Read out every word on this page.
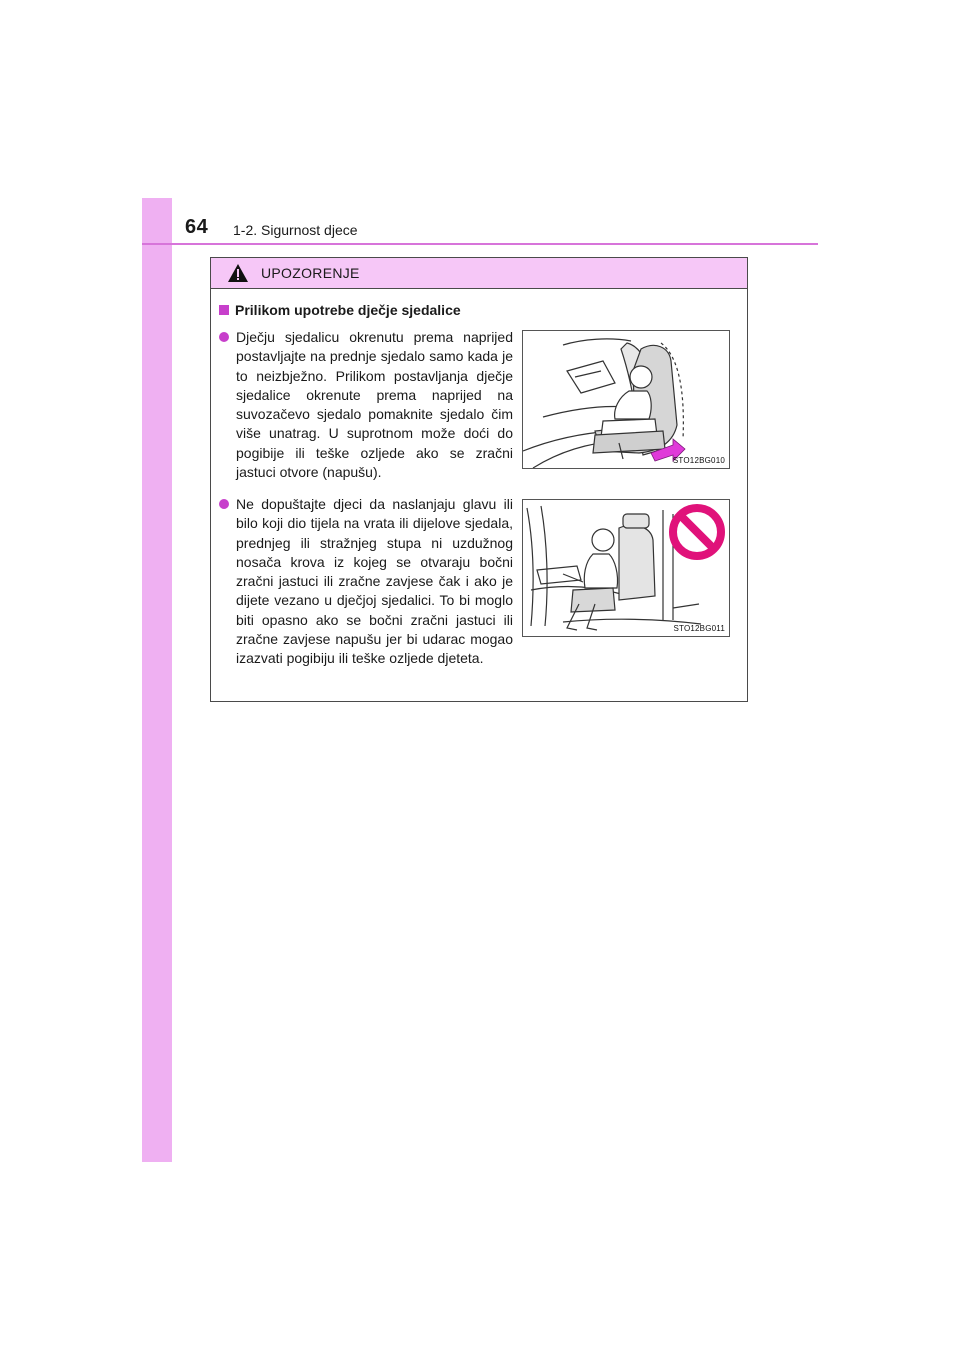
64 1-2. Sigurnost djece
UPOZORENJE
Prilikom upotrebe dječje sjedalice
Dječju sjedalicu okrenutu prema naprijed postavljajte na prednje sjedalo samo kada je to neizbježno. Prilikom postavljanja dječje sjedalice okrenute prema naprijed na suvozačevo sjedalo pomaknite sjedalo čim više unatrag. U suprotnom može doći do pogibije ili teške ozljede ako se zračni jastuci otvore (napušu).
STO12BG010
Ne dopuštajte djeci da naslanjaju glavu ili bilo koji dio tijela na vrata ili dijelove sjedala, prednjeg ili stražnjeg stupa ni uzdužnog nosača krova iz kojeg se otvaraju bočni zračni jastuci ili zračne zavjese čak i ako je dijete vezano u dječjoj sjedalici. To bi moglo biti opasno ako se bočni zračni jastuci ili zračne zavjese napušu jer bi udarac mogao izazvati pogibiju ili teške ozljede djeteta.
STO12BG011
